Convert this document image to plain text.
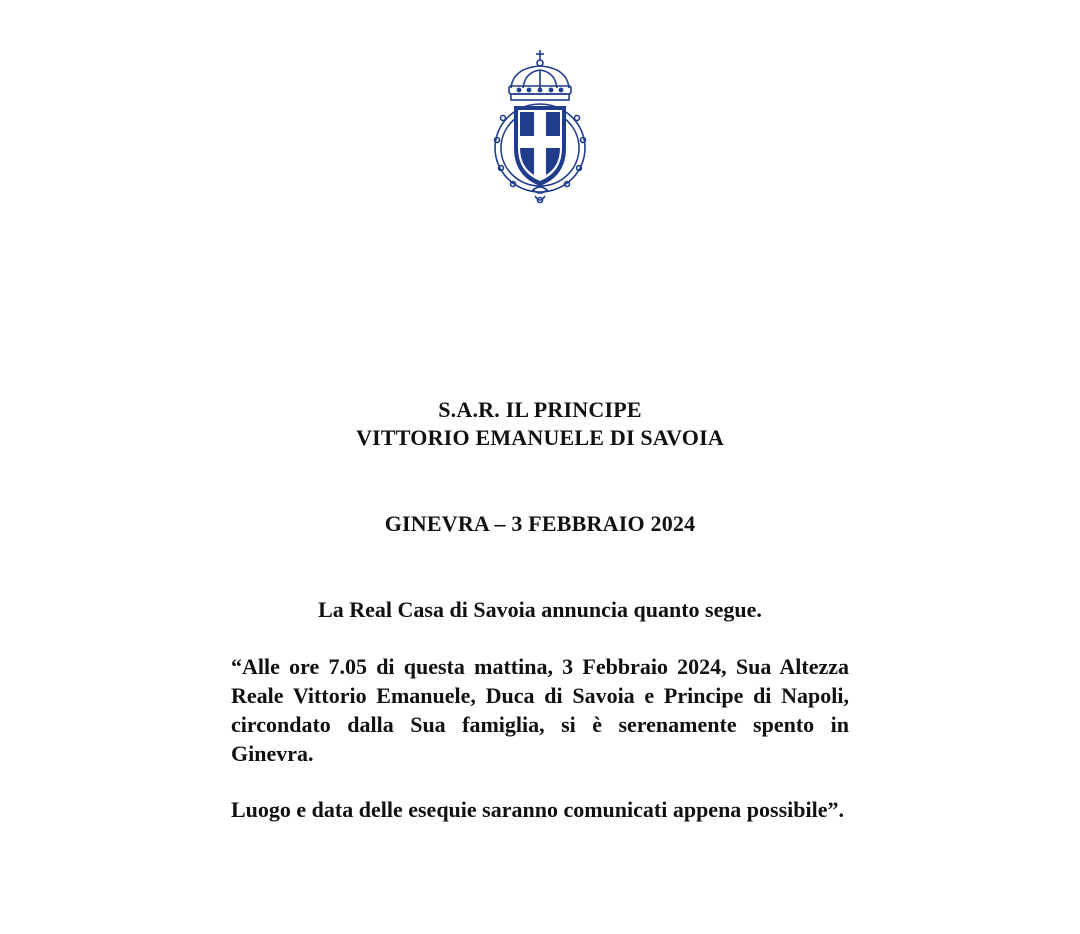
S.A.R. IL PRINCIPE
VITTORIO EMANUELE DI SAVOIA
GINEVRA – 3 FEBBRAIO 2024

La Real Casa di Savoia annuncia quanto segue.

“Alle ore 7.05 di questa mattina, 3 Febbraio 2024, Sua Altezza Reale Vittorio Emanuele, Duca di Savoia e Principe di Napoli, circondato dalla Sua famiglia, si è serenamente spento in Ginevra.

Luogo e data delle esequie saranno comunicati appena possibile”.
